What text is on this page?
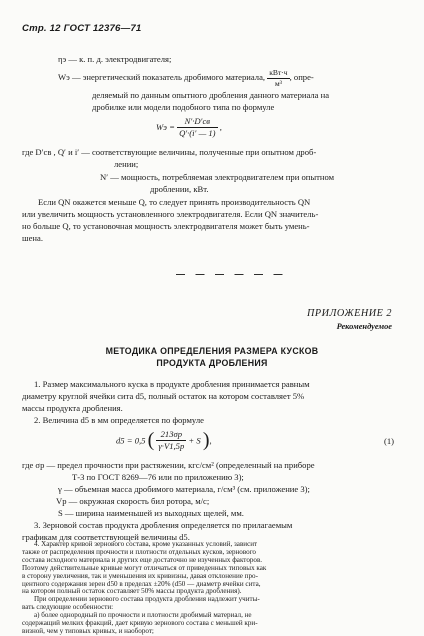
Стр. 12 ГОСТ 12376—71
ηэ — к. п. д. электродвигателя;
Wэ — энергетический показатель дробимого материала, $\frac{\text{кВт·ч}}{\text{м³}}$ , опре-
деляемый по данным опытного дробления данного материала на
дробилке или модели подобного типа по формуле
Wэ = $\frac{N'\cdot D'св}{Q'\cdot(i' — 1)}$ ,
где D′св , Q′ и i′ — соответствующие величины, полученные при опытном дроб-
лении;
N′ — мощность, потребляемая электродвигателем при опытном
дроблении, кВт.
Если QN окажется меньше Q, то следует принять производительность QN
или увеличить мощность установленного электродвигателя. Если QN значитель-
но больше Q, то установочная мощность электродвигателя может быть умень-
шена.
— — — — — —
ПРИЛОЖЕНИЕ 2
Рекомендуемое
МЕТОДИКА ОПРЕДЕЛЕНИЯ РАЗМЕРА КУСКОВ
ПРОДУКТА ДРОБЛЕНИЯ
1. Размер максимального куска в продукте дробления принимается равным
диаметру круглой ячейки сита d5, полный остаток на котором составляет 5%
массы продукта дробления.
2. Величина d5 в мм определяется по формуле
d5 = 0,5 ( $\frac{213\sigma р}{\gamma\cdot V1,5р} + S$ ),	(1)
где σр — предел прочности при растяжении, кгс/см² (определенный на приборе
Т-3 по ГОСТ 8269—76 или по приложению 3);
γ — объемная масса дробимого материала, г/см³ (см. приложение 3);
Vр — окружная скорость бил ротора, м/с;
S — ширина наименьшей из выходных щелей, мм.
3. Зерновой состав продукта дробления определяется по прилагаемым
графикам для соответствующей величины d5.
4. Характер кривой зернового состава, кроме указанных условий, зависит
также от распределения прочности и плотности отдельных кусков, зернового
состава исходного материала и других еще достаточно не изученных факторов.
Поэтому действительные кривые могут отличаться от приведенных типовых как
в сторону увеличения, так и уменьшения их кривизны, давая отклонение про-
центного содержания зерен d50 в пределах ±20% (d50 — диаметр ячейки сита,
на котором полный остаток составляет 50% массы продукта дробления).
При определении зернового состава продукта дробления надлежит учиты-
вать следующие особенности:
а) более однородный по прочности и плотности дробимый материал, не
содержащий мелких фракций, дает кривую зернового состава с меньшей кри-
визной, чем у типовых кривых, и наоборот;
